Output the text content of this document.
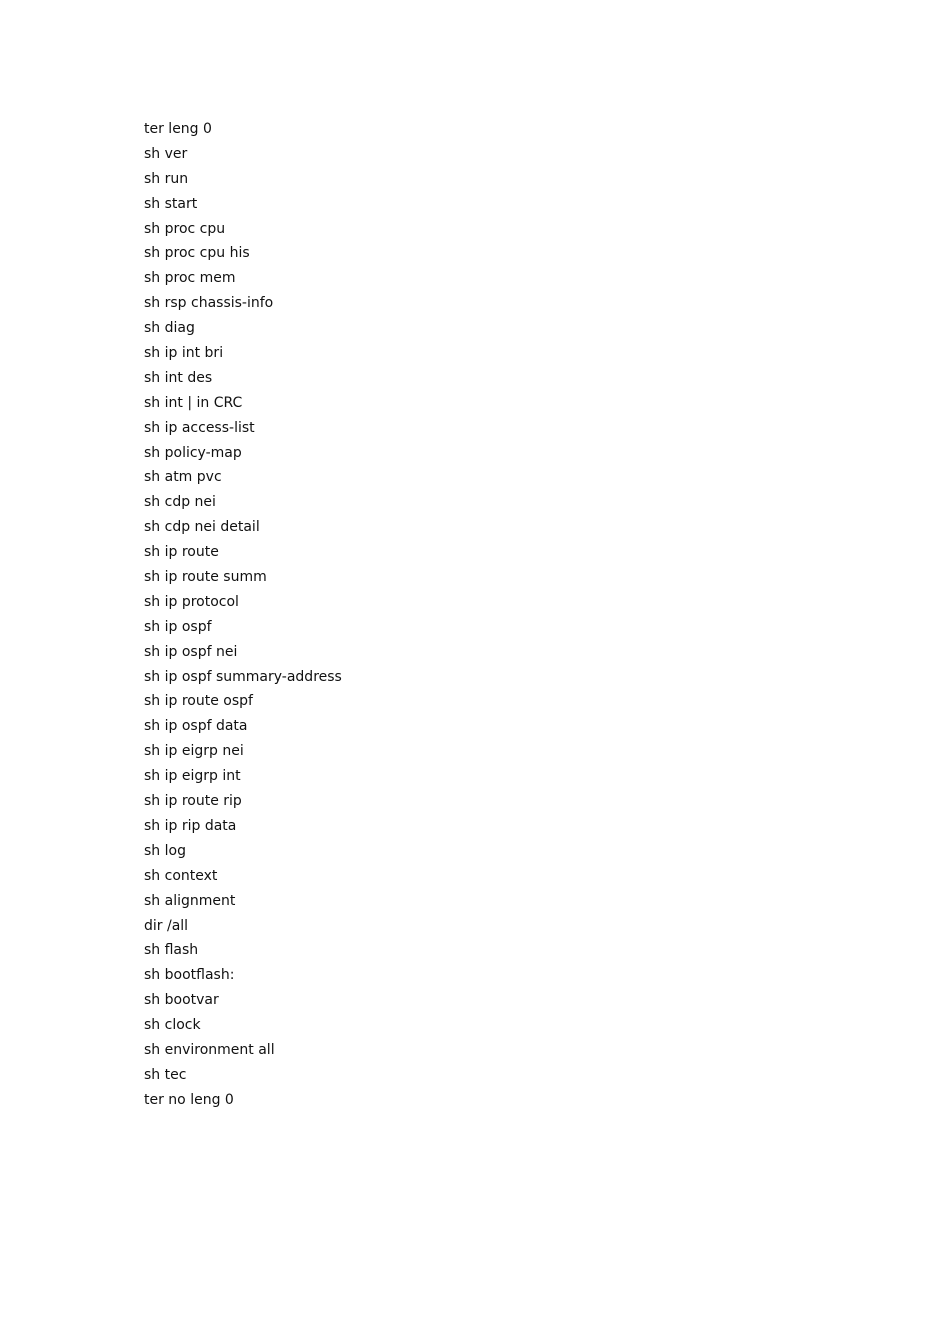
ter leng 0
sh ver
sh run
sh start
sh proc cpu
sh proc cpu his
sh proc mem
sh rsp chassis-info
sh diag
sh ip int bri
sh int des
sh int | in CRC
sh ip access-list
sh policy-map
sh atm pvc
sh cdp nei
sh cdp nei detail
sh ip route
sh ip route summ
sh ip protocol
sh ip ospf
sh ip ospf nei
sh ip ospf summary-address
sh ip route ospf
sh ip ospf data
sh ip eigrp nei
sh ip eigrp int
sh ip route rip
sh ip rip data
sh log
sh context
sh alignment
dir /all
sh flash
sh bootflash:
sh bootvar
sh clock
sh environment all
sh tec
ter no leng 0
